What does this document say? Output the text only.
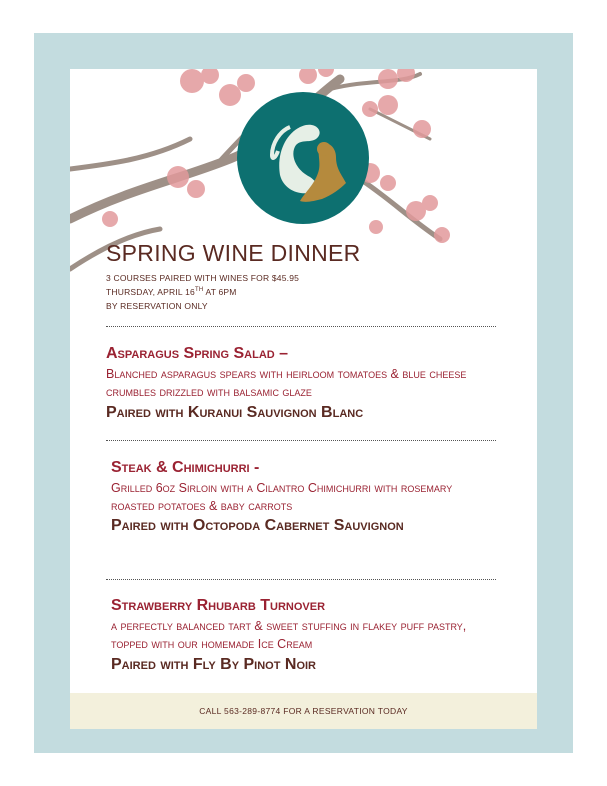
SPRING WINE DINNER
3 COURSES PAIRED WITH WINES FOR $45.95
THURSDAY, APRIL 16TH AT 6PM
BY RESERVATION ONLY
Asparagus Spring Salad –
Blanched asparagus spears with heirloom tomatoes & blue cheese crumbles drizzled with balsamic glaze
Paired with Kuranui Sauvignon Blanc
Steak & Chimichurri -
Grilled 6oz Sirloin with a Cilantro Chimichurri with rosemary roasted potatoes & baby carrots
Paired with Octopoda Cabernet Sauvignon
Strawberry Rhubarb Turnover
a perfectly balanced tart & sweet stuffing in flakey puff pastry, topped with our homemade Ice Cream
Paired with Fly By Pinot Noir
CALL 563-289-8774 FOR A RESERVATION TODAY
